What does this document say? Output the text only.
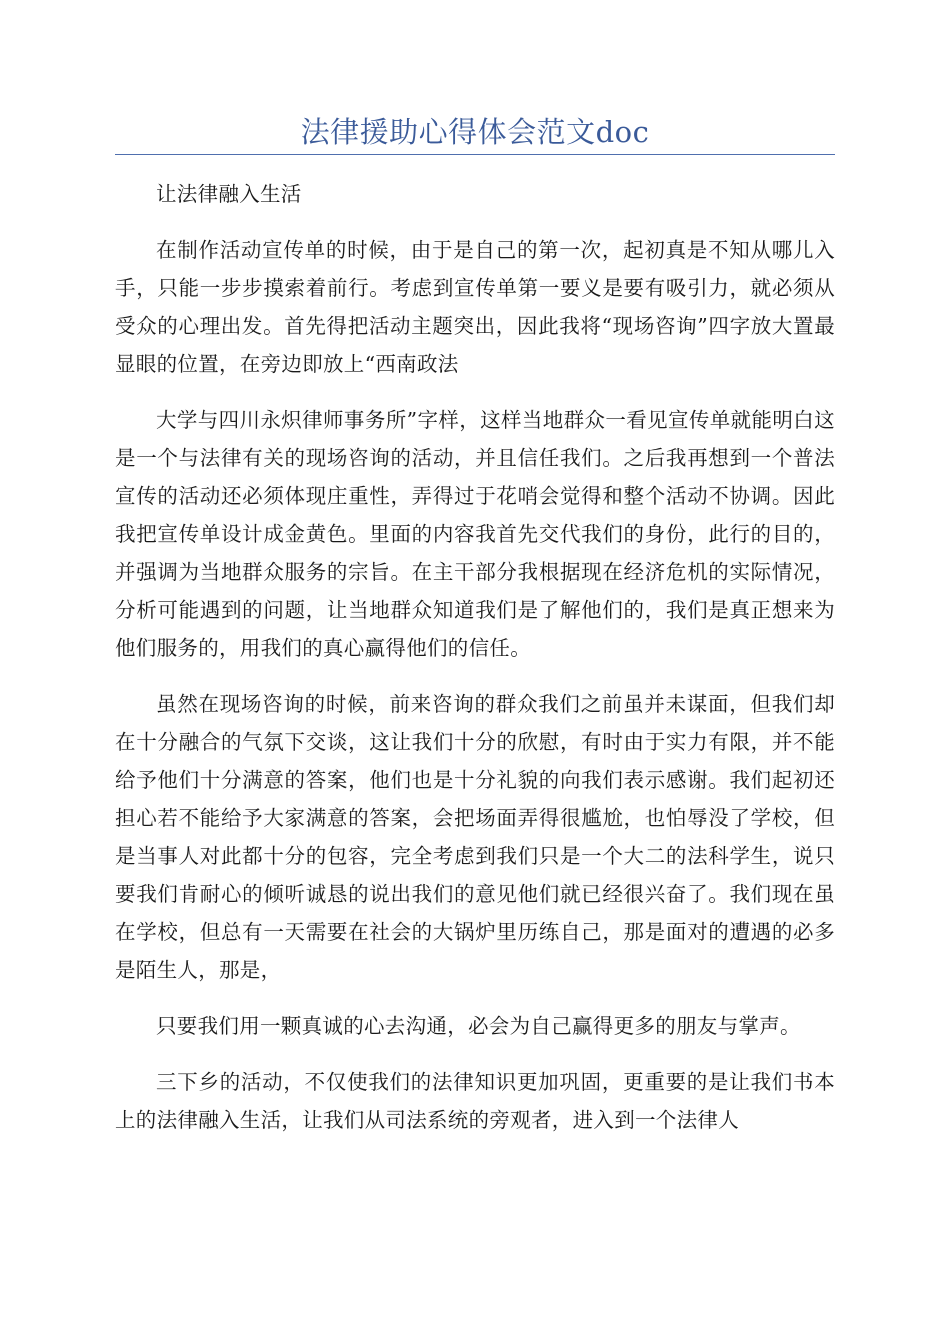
法律援助心得体会范文doc

让法律融入生活

在制作活动宣传单的时候，由于是自己的第一次，起初真是不知从哪儿入手，只能一步步摸索着前行。考虑到宣传单第一要义是要有吸引力，就必须从受众的心理出发。首先得把活动主题突出，因此我将“现场咨询”四字放大置最显眼的位置，在旁边即放上“西南政法

大学与四川永炽律师事务所”字样，这样当地群众一看见宣传单就能明白这是一个与法律有关的现场咨询的活动，并且信任我们。之后我再想到一个普法宣传的活动还必须体现庄重性，弄得过于花哨会觉得和整个活动不协调。因此我把宣传单设计成金黄色。里面的内容我首先交代我们的身份，此行的目的，并强调为当地群众服务的宗旨。在主干部分我根据现在经济危机的实际情况，分析可能遇到的问题，让当地群众知道我们是了解他们的，我们是真正想来为他们服务的，用我们的真心赢得他们的信任。

虽然在现场咨询的时候，前来咨询的群众我们之前虽并未谋面，但我们却在十分融合的气氛下交谈，这让我们十分的欣慰，有时由于实力有限，并不能给予他们十分满意的答案，他们也是十分礼貌的向我们表示感谢。我们起初还担心若不能给予大家满意的答案，会把场面弄得很尴尬，也怕辱没了学校，但是当事人对此都十分的包容，完全考虑到我们只是一个大二的法科学生，说只要我们肯耐心的倾听诚恳的说出我们的意见他们就已经很兴奋了。我们现在虽在学校，但总有一天需要在社会的大锅炉里历练自己，那是面对的遭遇的必多是陌生人，那是，

只要我们用一颗真诚的心去沟通，必会为自己赢得更多的朋友与掌声。

三下乡的活动，不仅使我们的法律知识更加巩固，更重要的是让我们书本上的法律融入生活，让我们从司法系统的旁观者，进入到一个法律人
